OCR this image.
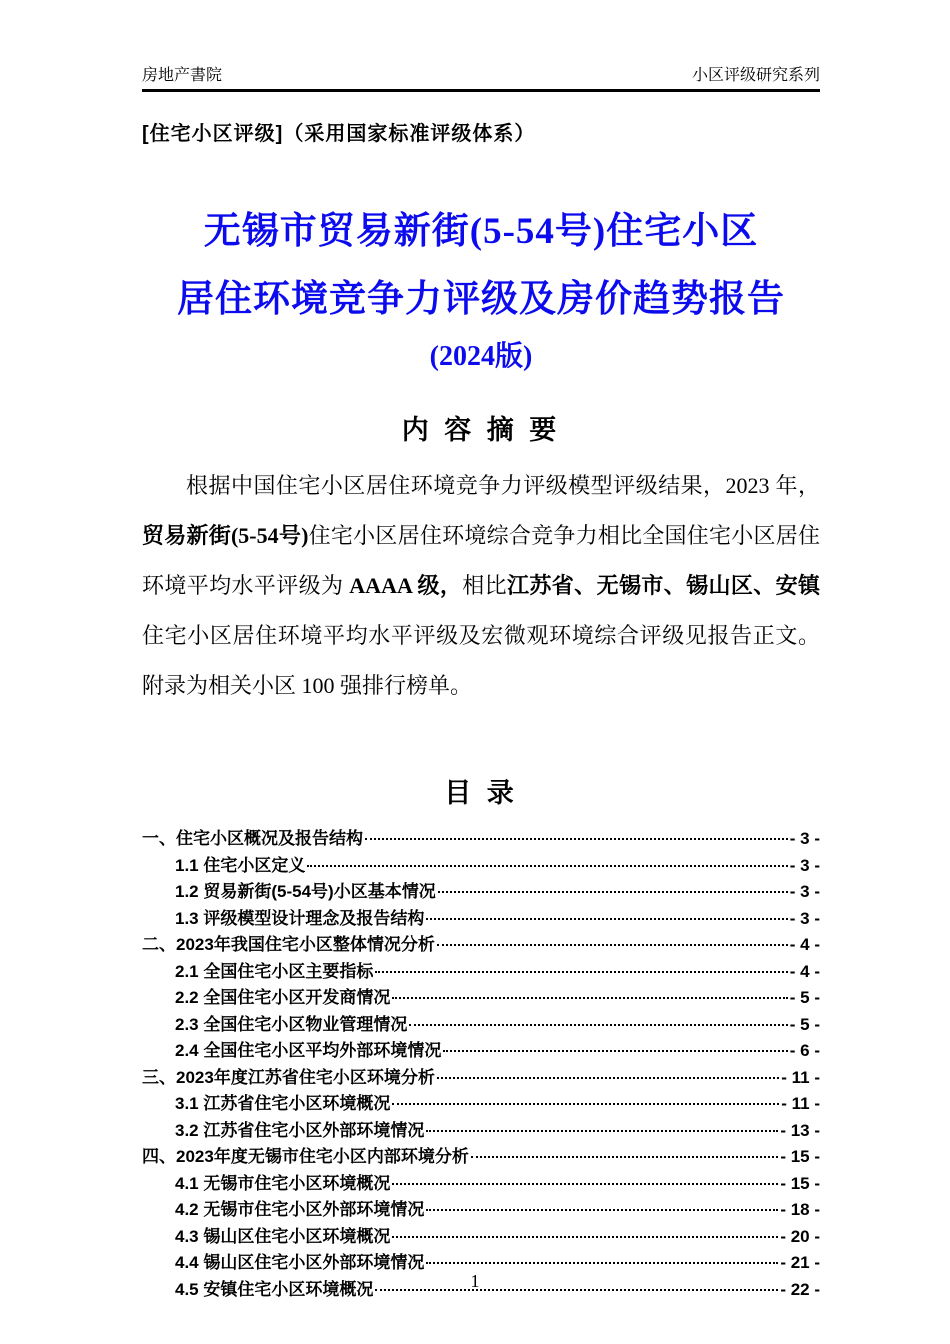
房地产書院	小区评级研究系列
[住宅小区评级]（采用国家标准评级体系）
无锡市贸易新街(5-54号)住宅小区
居住环境竞争力评级及房价趋势报告
(2024版)
内 容 摘 要
根据中国住宅小区居住环境竞争力评级模型评级结果，2023 年，贸易新街(5-54号)住宅小区居住环境综合竞争力相比全国住宅小区居住环境平均水平评级为 AAAA 级，相比江苏省、无锡市、锡山区、安镇住宅小区居住环境平均水平评级及宏微观环境综合评级见报告正文。附录为相关小区 100 强排行榜单。
目 录
一、住宅小区概况及报告结构	- 3 -
1.1 住宅小区定义	- 3 -
1.2 贸易新街(5-54号)小区基本情况	- 3 -
1.3 评级模型设计理念及报告结构	- 3 -
二、2023年我国住宅小区整体情况分析	- 4 -
2.1 全国住宅小区主要指标	- 4 -
2.2 全国住宅小区开发商情况	- 5 -
2.3 全国住宅小区物业管理情况	- 5 -
2.4 全国住宅小区平均外部环境情况	- 6 -
三、2023年度江苏省住宅小区环境分析	- 11 -
3.1 江苏省住宅小区环境概况	- 11 -
3.2 江苏省住宅小区外部环境情况	- 13 -
四、2023年度无锡市住宅小区内部环境分析	- 15 -
4.1 无锡市住宅小区环境概况	- 15 -
4.2 无锡市住宅小区外部环境情况	- 18 -
4.3 锡山区住宅小区环境概况	- 20 -
4.4 锡山区住宅小区外部环境情况	- 21 -
4.5 安镇住宅小区环境概况	- 22 -
1
